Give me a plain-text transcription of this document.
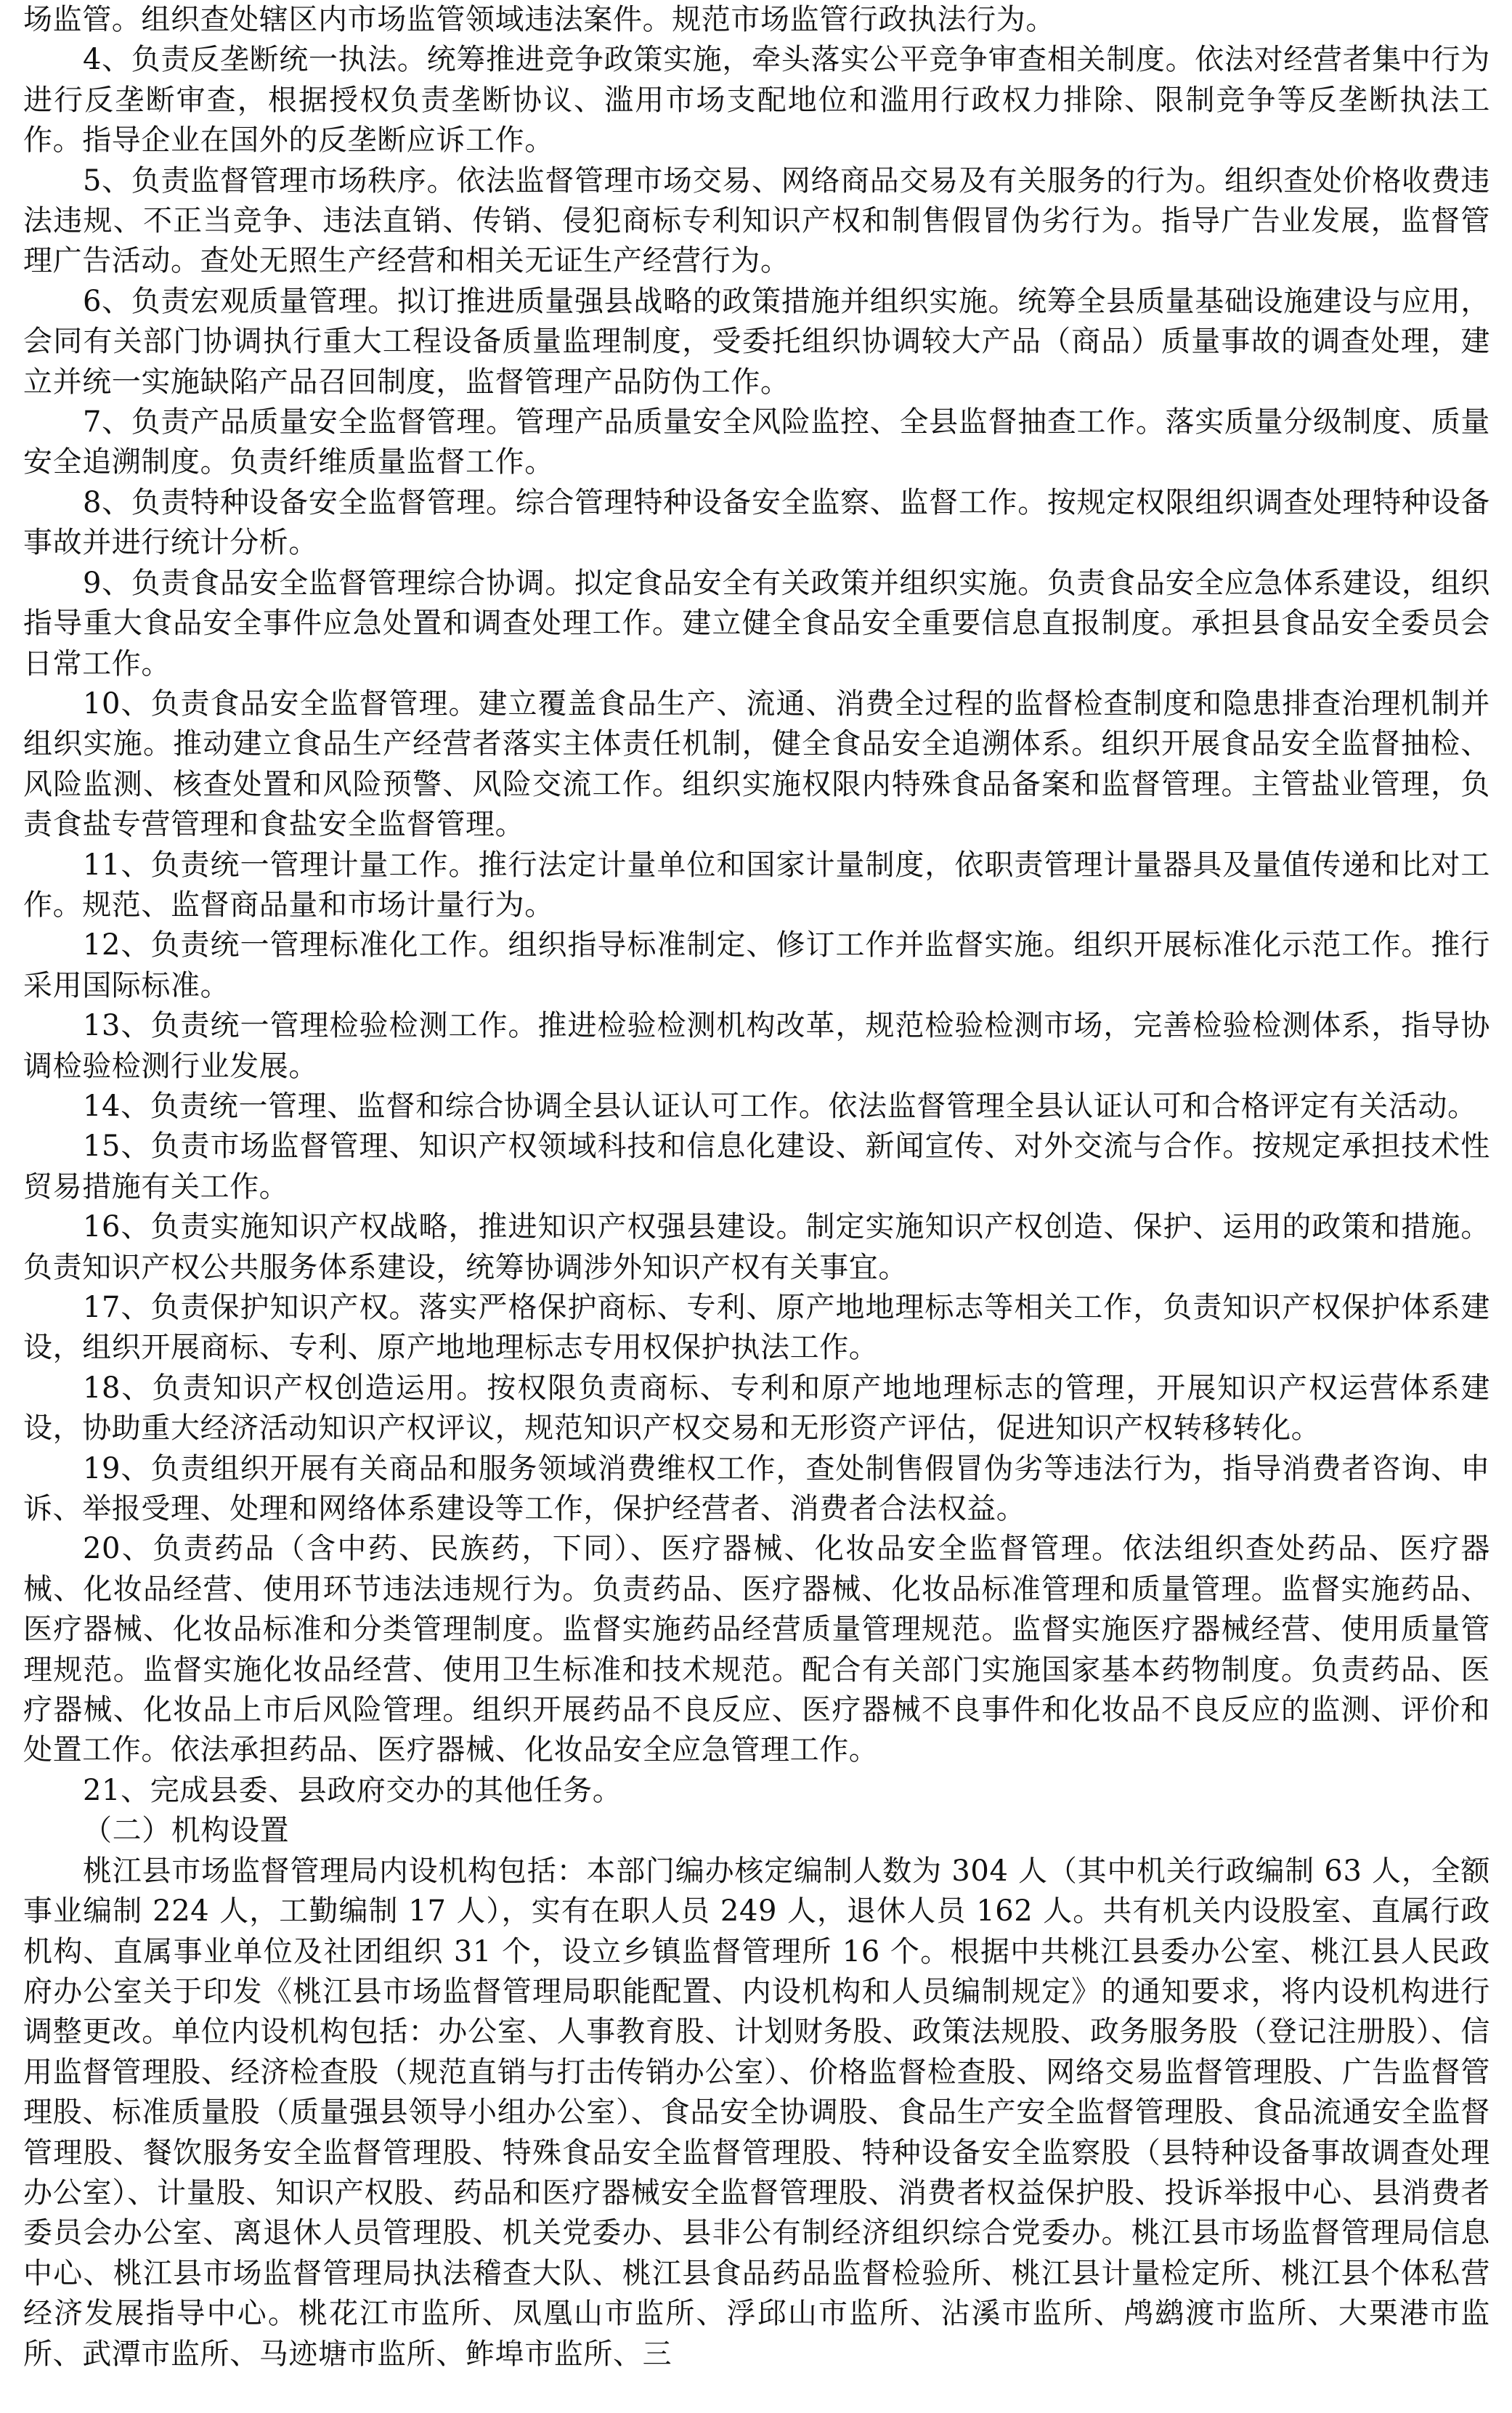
场监管。组织查处辖区内市场监管领域违法案件。规范市场监管行政执法行为。

4、负责反垄断统一执法。统筹推进竞争政策实施，牵头落实公平竞争审查相关制度。依法对经营者集中行为进行反垄断审查，根据授权负责垄断协议、滥用市场支配地位和滥用行政权力排除、限制竞争等反垄断执法工作。指导企业在国外的反垄断应诉工作。

5、负责监督管理市场秩序。依法监督管理市场交易、网络商品交易及有关服务的行为。组织查处价格收费违法违规、不正当竞争、违法直销、传销、侵犯商标专利知识产权和制售假冒伪劣行为。指导广告业发展，监督管理广告活动。查处无照生产经营和相关无证生产经营行为。

6、负责宏观质量管理。拟订推进质量强县战略的政策措施并组织实施。统筹全县质量基础设施建设与应用，会同有关部门协调执行重大工程设备质量监理制度，受委托组织协调较大产品（商品）质量事故的调查处理，建立并统一实施缺陷产品召回制度，监督管理产品防伪工作。

7、负责产品质量安全监督管理。管理产品质量安全风险监控、全县监督抽查工作。落实质量分级制度、质量安全追溯制度。负责纤维质量监督工作。

8、负责特种设备安全监督管理。综合管理特种设备安全监察、监督工作。按规定权限组织调查处理特种设备事故并进行统计分析。

9、负责食品安全监督管理综合协调。拟定食品安全有关政策并组织实施。负责食品安全应急体系建设，组织指导重大食品安全事件应急处置和调查处理工作。建立健全食品安全重要信息直报制度。承担县食品安全委员会日常工作。

10、负责食品安全监督管理。建立覆盖食品生产、流通、消费全过程的监督检查制度和隐患排查治理机制并组织实施。推动建立食品生产经营者落实主体责任机制，健全食品安全追溯体系。组织开展食品安全监督抽检、风险监测、核查处置和风险预警、风险交流工作。组织实施权限内特殊食品备案和监督管理。主管盐业管理，负责食盐专营管理和食盐安全监督管理。

11、负责统一管理计量工作。推行法定计量单位和国家计量制度，依职责管理计量器具及量值传递和比对工作。规范、监督商品量和市场计量行为。

12、负责统一管理标准化工作。组织指导标准制定、修订工作并监督实施。组织开展标准化示范工作。推行采用国际标准。

13、负责统一管理检验检测工作。推进检验检测机构改革，规范检验检测市场，完善检验检测体系，指导协调检验检测行业发展。

14、负责统一管理、监督和综合协调全县认证认可工作。依法监督管理全县认证认可和合格评定有关活动。

15、负责市场监督管理、知识产权领域科技和信息化建设、新闻宣传、对外交流与合作。按规定承担技术性贸易措施有关工作。

16、负责实施知识产权战略，推进知识产权强县建设。制定实施知识产权创造、保护、运用的政策和措施。负责知识产权公共服务体系建设，统筹协调涉外知识产权有关事宜。

17、负责保护知识产权。落实严格保护商标、专利、原产地地理标志等相关工作，负责知识产权保护体系建设，组织开展商标、专利、原产地地理标志专用权保护执法工作。

18、负责知识产权创造运用。按权限负责商标、专利和原产地地理标志的管理，开展知识产权运营体系建设，协助重大经济活动知识产权评议，规范知识产权交易和无形资产评估，促进知识产权转移转化。

19、负责组织开展有关商品和服务领域消费维权工作，查处制售假冒伪劣等违法行为，指导消费者咨询、申诉、举报受理、处理和网络体系建设等工作，保护经营者、消费者合法权益。

20、负责药品（含中药、民族药，下同）、医疗器械、化妆品安全监督管理。依法组织查处药品、医疗器械、化妆品经营、使用环节违法违规行为。负责药品、医疗器械、化妆品标准管理和质量管理。监督实施药品、医疗器械、化妆品标准和分类管理制度。监督实施药品经营质量管理规范。监督实施医疗器械经营、使用质量管理规范。监督实施化妆品经营、使用卫生标准和技术规范。配合有关部门实施国家基本药物制度。负责药品、医疗器械、化妆品上市后风险管理。组织开展药品不良反应、医疗器械不良事件和化妆品不良反应的监测、评价和处置工作。依法承担药品、医疗器械、化妆品安全应急管理工作。

21、完成县委、县政府交办的其他任务。

（二）机构设置

桃江县市场监督管理局内设机构包括：本部门编办核定编制人数为 304 人（其中机关行政编制 63 人，全额事业编制 224 人，工勤编制 17 人），实有在职人员 249 人，退休人员 162 人。共有机关内设股室、直属行政机构、直属事业单位及社团组织 31 个，设立乡镇监督管理所 16 个。根据中共桃江县委办公室、桃江县人民政府办公室关于印发《桃江县市场监督管理局职能配置、内设机构和人员编制规定》的通知要求，将内设机构进行调整更改。单位内设机构包括：办公室、人事教育股、计划财务股、政策法规股、政务服务股（登记注册股）、信用监督管理股、经济检查股（规范直销与打击传销办公室）、价格监督检查股、网络交易监督管理股、广告监督管理股、标准质量股（质量强县领导小组办公室）、食品安全协调股、食品生产安全监督管理股、食品流通安全监督管理股、餐饮服务安全监督管理股、特殊食品安全监督管理股、特种设备安全监察股（县特种设备事故调查处理办公室）、计量股、知识产权股、药品和医疗器械安全监督管理股、消费者权益保护股、投诉举报中心、县消费者委员会办公室、离退休人员管理股、机关党委办、县非公有制经济组织综合党委办。桃江县市场监督管理局信息中心、桃江县市场监督管理局执法稽查大队、桃江县食品药品监督检验所、桃江县计量检定所、桃江县个体私营经济发展指导中心。桃花江市监所、凤凰山市监所、浮邱山市监所、沾溪市监所、鸬鹚渡市监所、大栗港市监所、武潭市监所、马迹塘市监所、鲊埠市监所、三
